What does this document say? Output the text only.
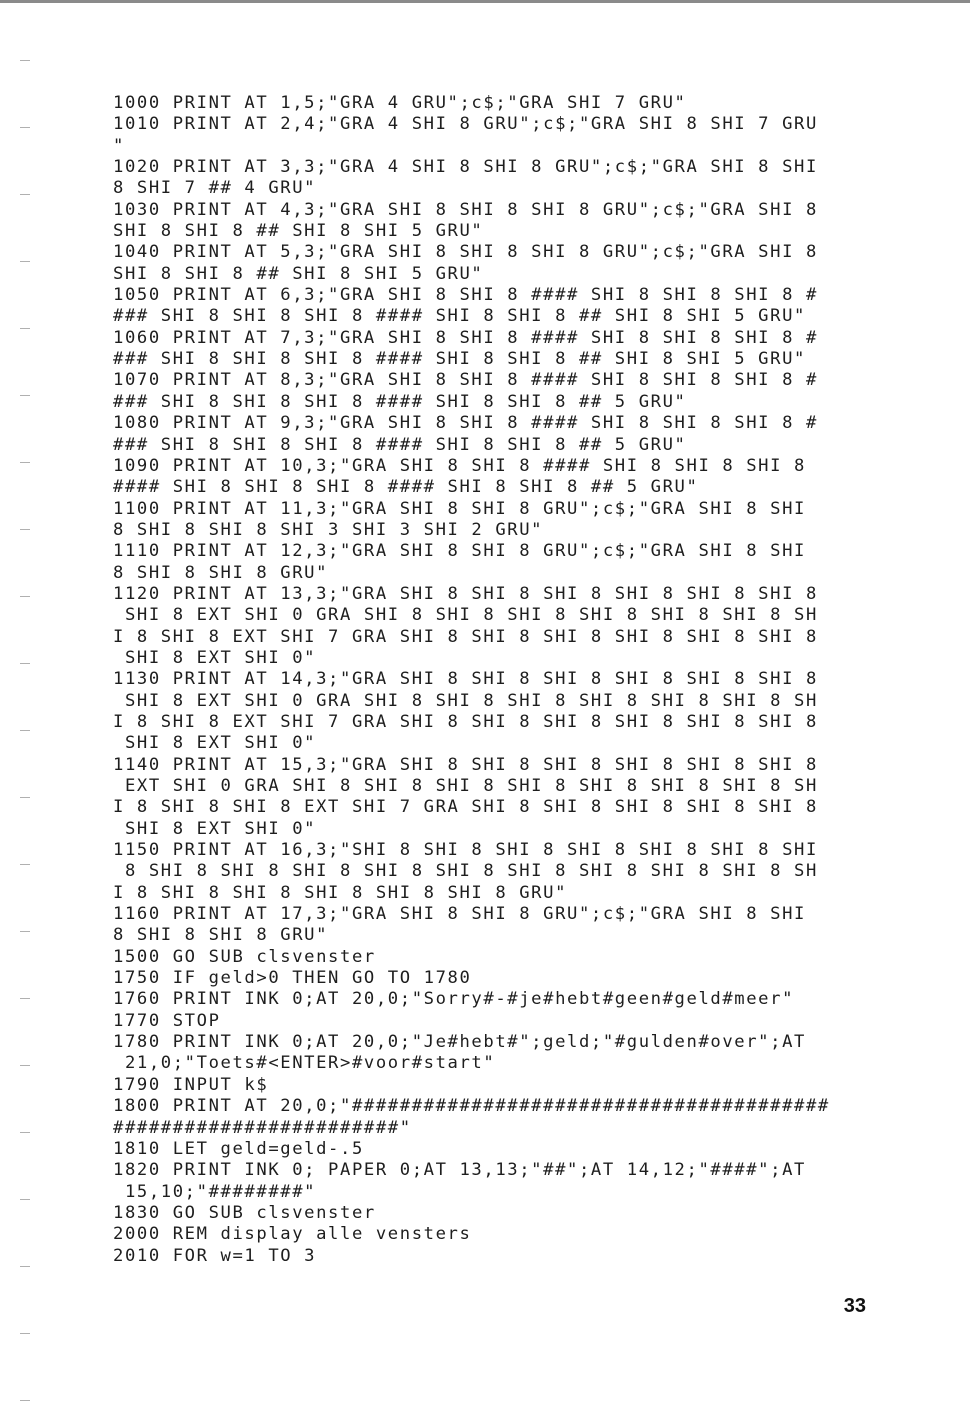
1000 PRINT AT 1,5;"GRA 4 GRU";c$;"GRA SHI 7 GRU"
1010 PRINT AT 2,4;"GRA 4 SHI 8 GRU";c$;"GRA SHI 8 SHI 7 GRU
"
1020 PRINT AT 3,3;"GRA 4 SHI 8 SHI 8 GRU";c$;"GRA SHI 8 SHI
8 SHI 7 ## 4 GRU"
1030 PRINT AT 4,3;"GRA SHI 8 SHI 8 SHI 8 GRU";c$;"GRA SHI 8
SHI 8 SHI 8 ## SHI 8 SHI 5 GRU"
1040 PRINT AT 5,3;"GRA SHI 8 SHI 8 SHI 8 GRU";c$;"GRA SHI 8
SHI 8 SHI 8 ## SHI 8 SHI 5 GRU"
1050 PRINT AT 6,3;"GRA SHI 8 SHI 8 #### SHI 8 SHI 8 SHI 8 #
### SHI 8 SHI 8 SHI 8 #### SHI 8 SHI 8 ## SHI 8 SHI 5 GRU"
1060 PRINT AT 7,3;"GRA SHI 8 SHI 8 #### SHI 8 SHI 8 SHI 8 #
### SHI 8 SHI 8 SHI 8 #### SHI 8 SHI 8 ## SHI 8 SHI 5 GRU"
1070 PRINT AT 8,3;"GRA SHI 8 SHI 8 #### SHI 8 SHI 8 SHI 8 #
### SHI 8 SHI 8 SHI 8 #### SHI 8 SHI 8 ## 5 GRU"
1080 PRINT AT 9,3;"GRA SHI 8 SHI 8 #### SHI 8 SHI 8 SHI 8 #
### SHI 8 SHI 8 SHI 8 #### SHI 8 SHI 8 ## 5 GRU"
1090 PRINT AT 10,3;"GRA SHI 8 SHI 8 #### SHI 8 SHI 8 SHI 8
#### SHI 8 SHI 8 SHI 8 #### SHI 8 SHI 8 ## 5 GRU"
1100 PRINT AT 11,3;"GRA SHI 8 SHI 8 GRU";c$;"GRA SHI 8 SHI
8 SHI 8 SHI 8 SHI 3 SHI 3 SHI 2 GRU"
1110 PRINT AT 12,3;"GRA SHI 8 SHI 8 GRU";c$;"GRA SHI 8 SHI
8 SHI 8 SHI 8 GRU"
1120 PRINT AT 13,3;"GRA SHI 8 SHI 8 SHI 8 SHI 8 SHI 8 SHI 8
SHI 8 EXT SHI 0 GRA SHI 8 SHI 8 SHI 8 SHI 8 SHI 8 SHI 8 SH
I 8 SHI 8 EXT SHI 7 GRA SHI 8 SHI 8 SHI 8 SHI 8 SHI 8 SHI 8
SHI 8 EXT SHI 0"
1130 PRINT AT 14,3;"GRA SHI 8 SHI 8 SHI 8 SHI 8 SHI 8 SHI 8
SHI 8 EXT SHI 0 GRA SHI 8 SHI 8 SHI 8 SHI 8 SHI 8 SHI 8 SH
I 8 SHI 8 EXT SHI 7 GRA SHI 8 SHI 8 SHI 8 SHI 8 SHI 8 SHI 8
SHI 8 EXT SHI 0"
1140 PRINT AT 15,3;"GRA SHI 8 SHI 8 SHI 8 SHI 8 SHI 8 SHI 8
EXT SHI 0 GRA SHI 8 SHI 8 SHI 8 SHI 8 SHI 8 SHI 8 SHI 8 SH
I 8 SHI 8 SHI 8 EXT SHI 7 GRA SHI 8 SHI 8 SHI 8 SHI 8 SHI 8
SHI 8 EXT SHI 0"
1150 PRINT AT 16,3;"SHI 8 SHI 8 SHI 8 SHI 8 SHI 8 SHI 8 SHI
8 SHI 8 SHI 8 SHI 8 SHI 8 SHI 8 SHI 8 SHI 8 SHI 8 SHI 8 SH
I 8 SHI 8 SHI 8 SHI 8 SHI 8 SHI 8 GRU"
1160 PRINT AT 17,3;"GRA SHI 8 SHI 8 GRU";c$;"GRA SHI 8 SHI
8 SHI 8 SHI 8 GRU"
1500 GO SUB clsvenster
1750 IF geld>0 THEN GO TO 1780
1760 PRINT INK 0;AT 20,0;"Sorry#-#je#hebt#geen#geld#meer"
1770 STOP
1780 PRINT INK 0;AT 20,0;"Je#hebt#";geld;"#gulden#over";AT
21,0;"Toets#<ENTER>#voor#start"
1790 INPUT k$
1800 PRINT AT 20,0;"########################################
########################"
1810 LET geld=geld-.5
1820 PRINT INK 0; PAPER 0;AT 13,13;"##";AT 14,12;"####";AT
15,10;"########"
1830 GO SUB clsvenster
2000 REM display alle vensters
2010 FOR w=1 TO 3
33
